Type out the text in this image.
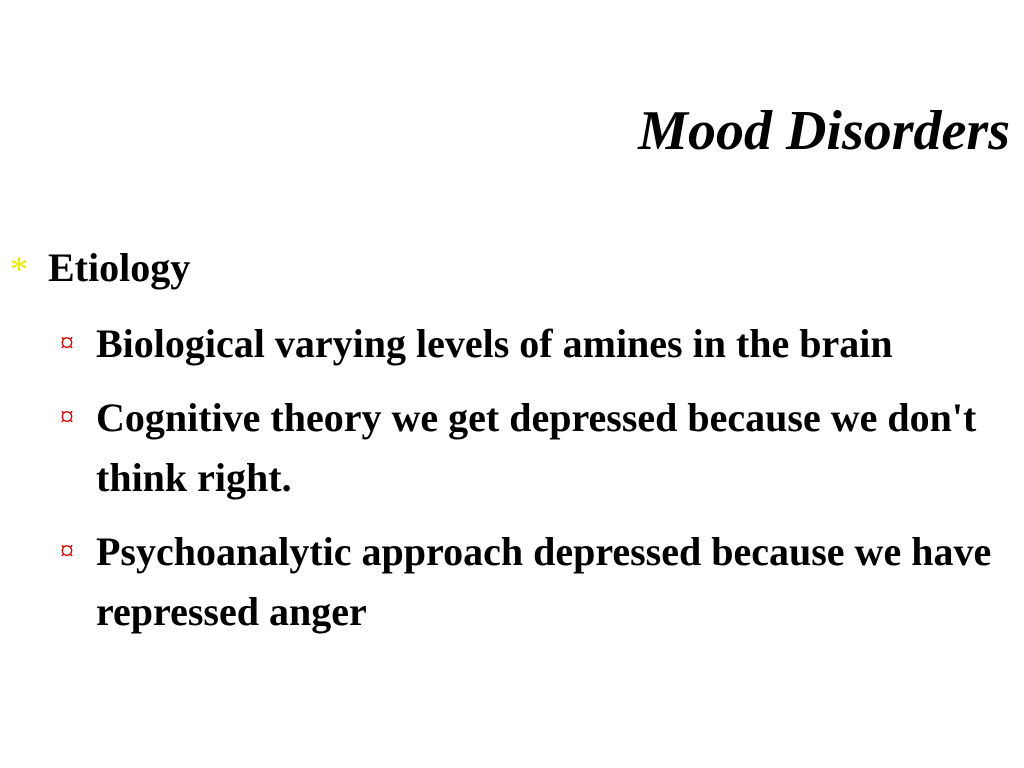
Mood Disorders
* Etiology
¤ Biological varying levels of amines in the brain
¤ Cognitive theory we get depressed because we don't think right.
¤ Psychoanalytic approach depressed because we have repressed anger
